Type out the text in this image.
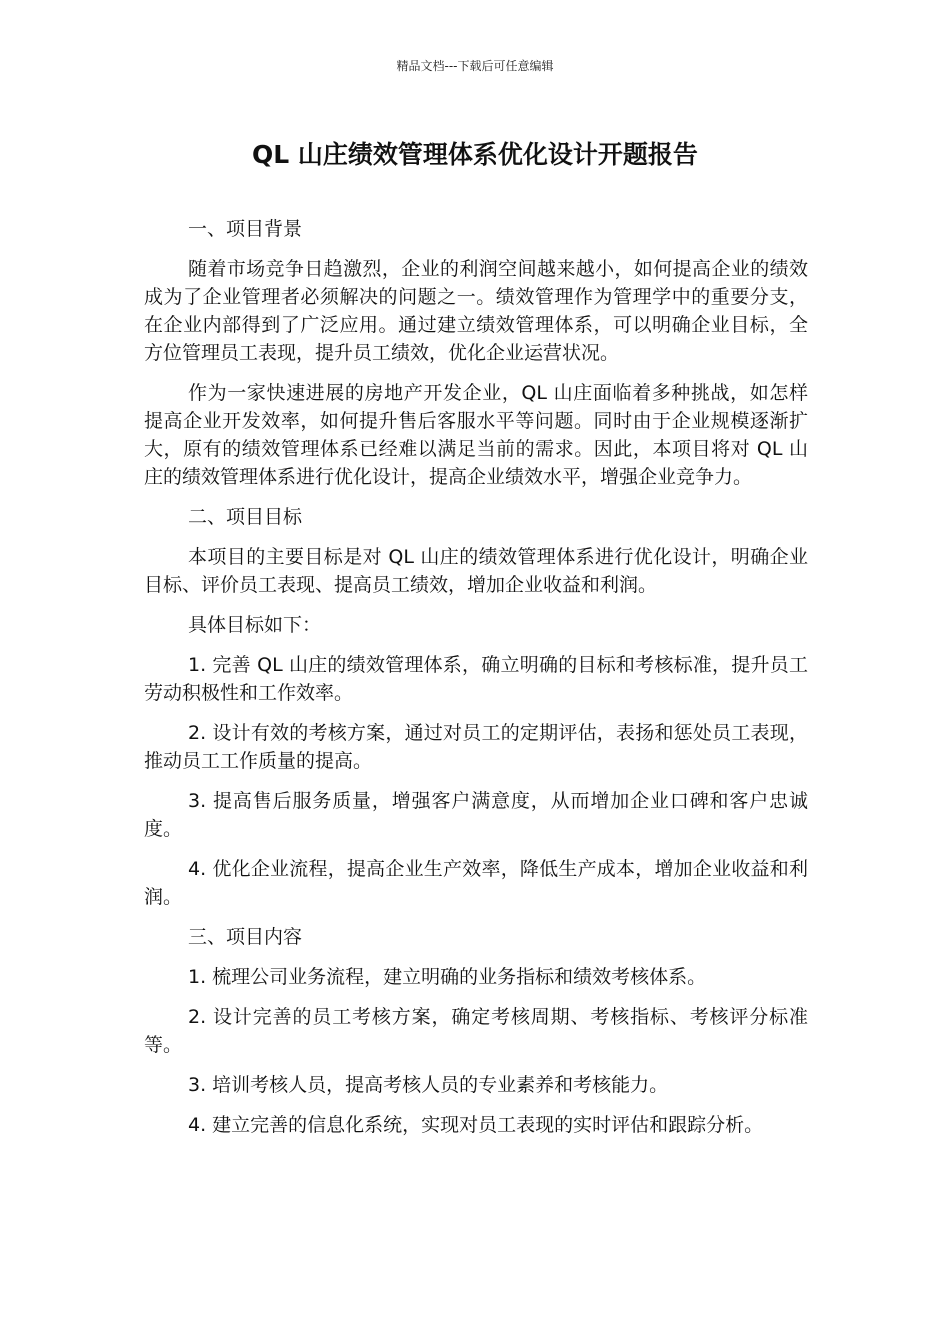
精品文档---下载后可任意编辑
QL 山庄绩效管理体系优化设计开题报告
一、项目背景

随着市场竞争日趋激烈，企业的利润空间越来越小，如何提高企业的绩效成为了企业管理者必须解决的问题之一。绩效管理作为管理学中的重要分支，在企业内部得到了广泛应用。通过建立绩效管理体系，可以明确企业目标，全方位管理员工表现，提升员工绩效，优化企业运营状况。

作为一家快速进展的房地产开发企业，QL 山庄面临着多种挑战，如怎样提高企业开发效率，如何提升售后客服水平等问题。同时由于企业规模逐渐扩大，原有的绩效管理体系已经难以满足当前的需求。因此，本项目将对 QL 山庄的绩效管理体系进行优化设计，提高企业绩效水平，增强企业竞争力。

二、项目目标

本项目的主要目标是对 QL 山庄的绩效管理体系进行优化设计，明确企业目标、评价员工表现、提高员工绩效，增加企业收益和利润。

具体目标如下：

1. 完善 QL 山庄的绩效管理体系，确立明确的目标和考核标准，提升员工劳动积极性和工作效率。

2. 设计有效的考核方案，通过对员工的定期评估，表扬和惩处员工表现，推动员工工作质量的提高。

3. 提高售后服务质量，增强客户满意度，从而增加企业口碑和客户忠诚度。

4. 优化企业流程，提高企业生产效率，降低生产成本，增加企业收益和利润。

三、项目内容

1. 梳理公司业务流程，建立明确的业务指标和绩效考核体系。

2. 设计完善的员工考核方案，确定考核周期、考核指标、考核评分标准等。

3. 培训考核人员，提高考核人员的专业素养和考核能力。

4. 建立完善的信息化系统，实现对员工表现的实时评估和跟踪分析。
